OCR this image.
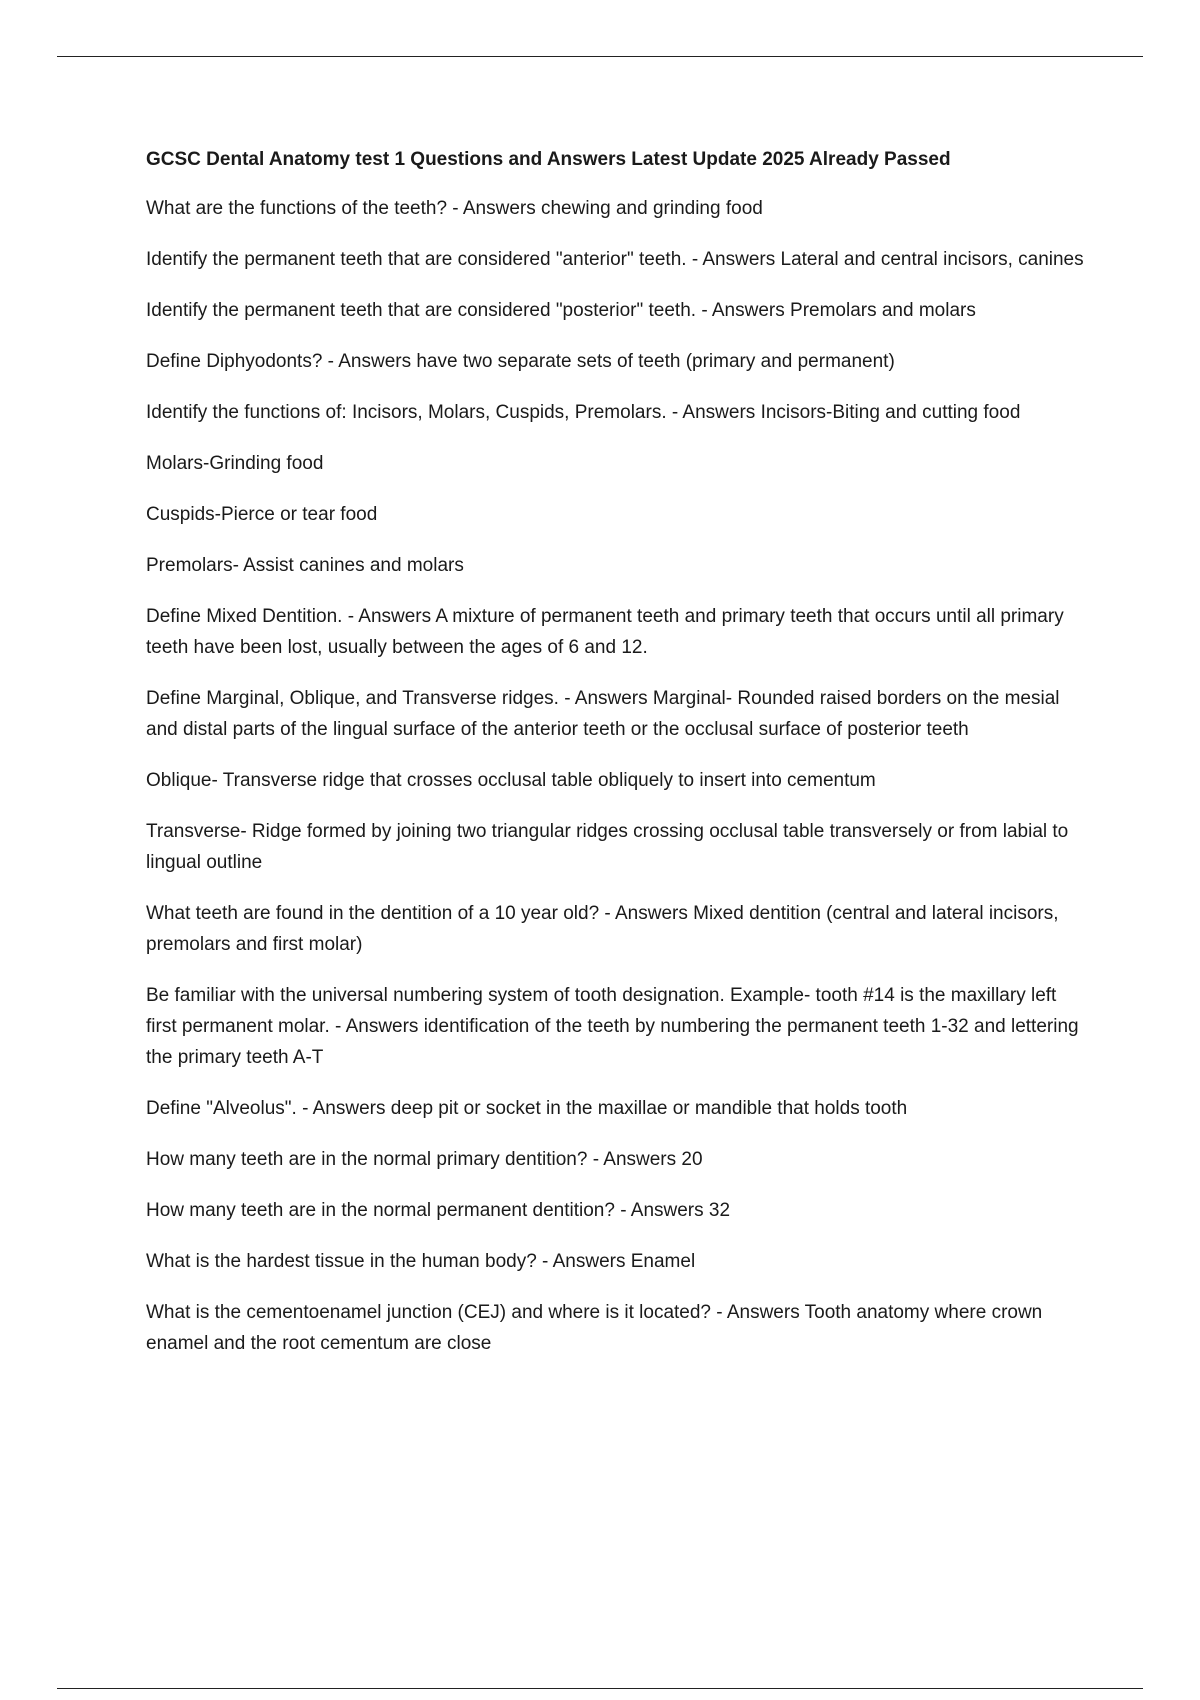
GCSC Dental Anatomy test 1 Questions and Answers Latest Update 2025 Already Passed

What are the functions of the teeth? - Answers chewing and grinding food

Identify the permanent teeth that are considered "anterior" teeth. - Answers Lateral and central incisors, canines

Identify the permanent teeth that are considered "posterior" teeth. - Answers Premolars and molars

Define Diphyodonts? - Answers have two separate sets of teeth (primary and permanent)

Identify the functions of: Incisors, Molars, Cuspids, Premolars. - Answers Incisors-Biting and cutting food

Molars-Grinding food

Cuspids-Pierce or tear food

Premolars- Assist canines and molars

Define Mixed Dentition. - Answers A mixture of permanent teeth and primary teeth that occurs until all primary teeth have been lost, usually between the ages of 6 and 12.

Define Marginal, Oblique, and Transverse ridges. - Answers Marginal- Rounded raised borders on the mesial and distal parts of the lingual surface of the anterior teeth or the occlusal surface of posterior teeth

Oblique- Transverse ridge that crosses occlusal table obliquely to insert into cementum

Transverse- Ridge formed by joining two triangular ridges crossing occlusal table transversely or from labial to lingual outline

What teeth are found in the dentition of a 10 year old? - Answers Mixed dentition (central and lateral incisors, premolars and first molar)

Be familiar with the universal numbering system of tooth designation. Example- tooth #14 is the maxillary left first permanent molar. - Answers identification of the teeth by numbering the permanent teeth 1-32 and lettering the primary teeth A-T

Define "Alveolus". - Answers deep pit or socket in the maxillae or mandible that holds tooth

How many teeth are in the normal primary dentition? - Answers 20

How many teeth are in the normal permanent dentition? - Answers 32

What is the hardest tissue in the human body? - Answers Enamel

What is the cementoenamel junction (CEJ) and where is it located? - Answers Tooth anatomy where crown enamel and the root cementum are close
